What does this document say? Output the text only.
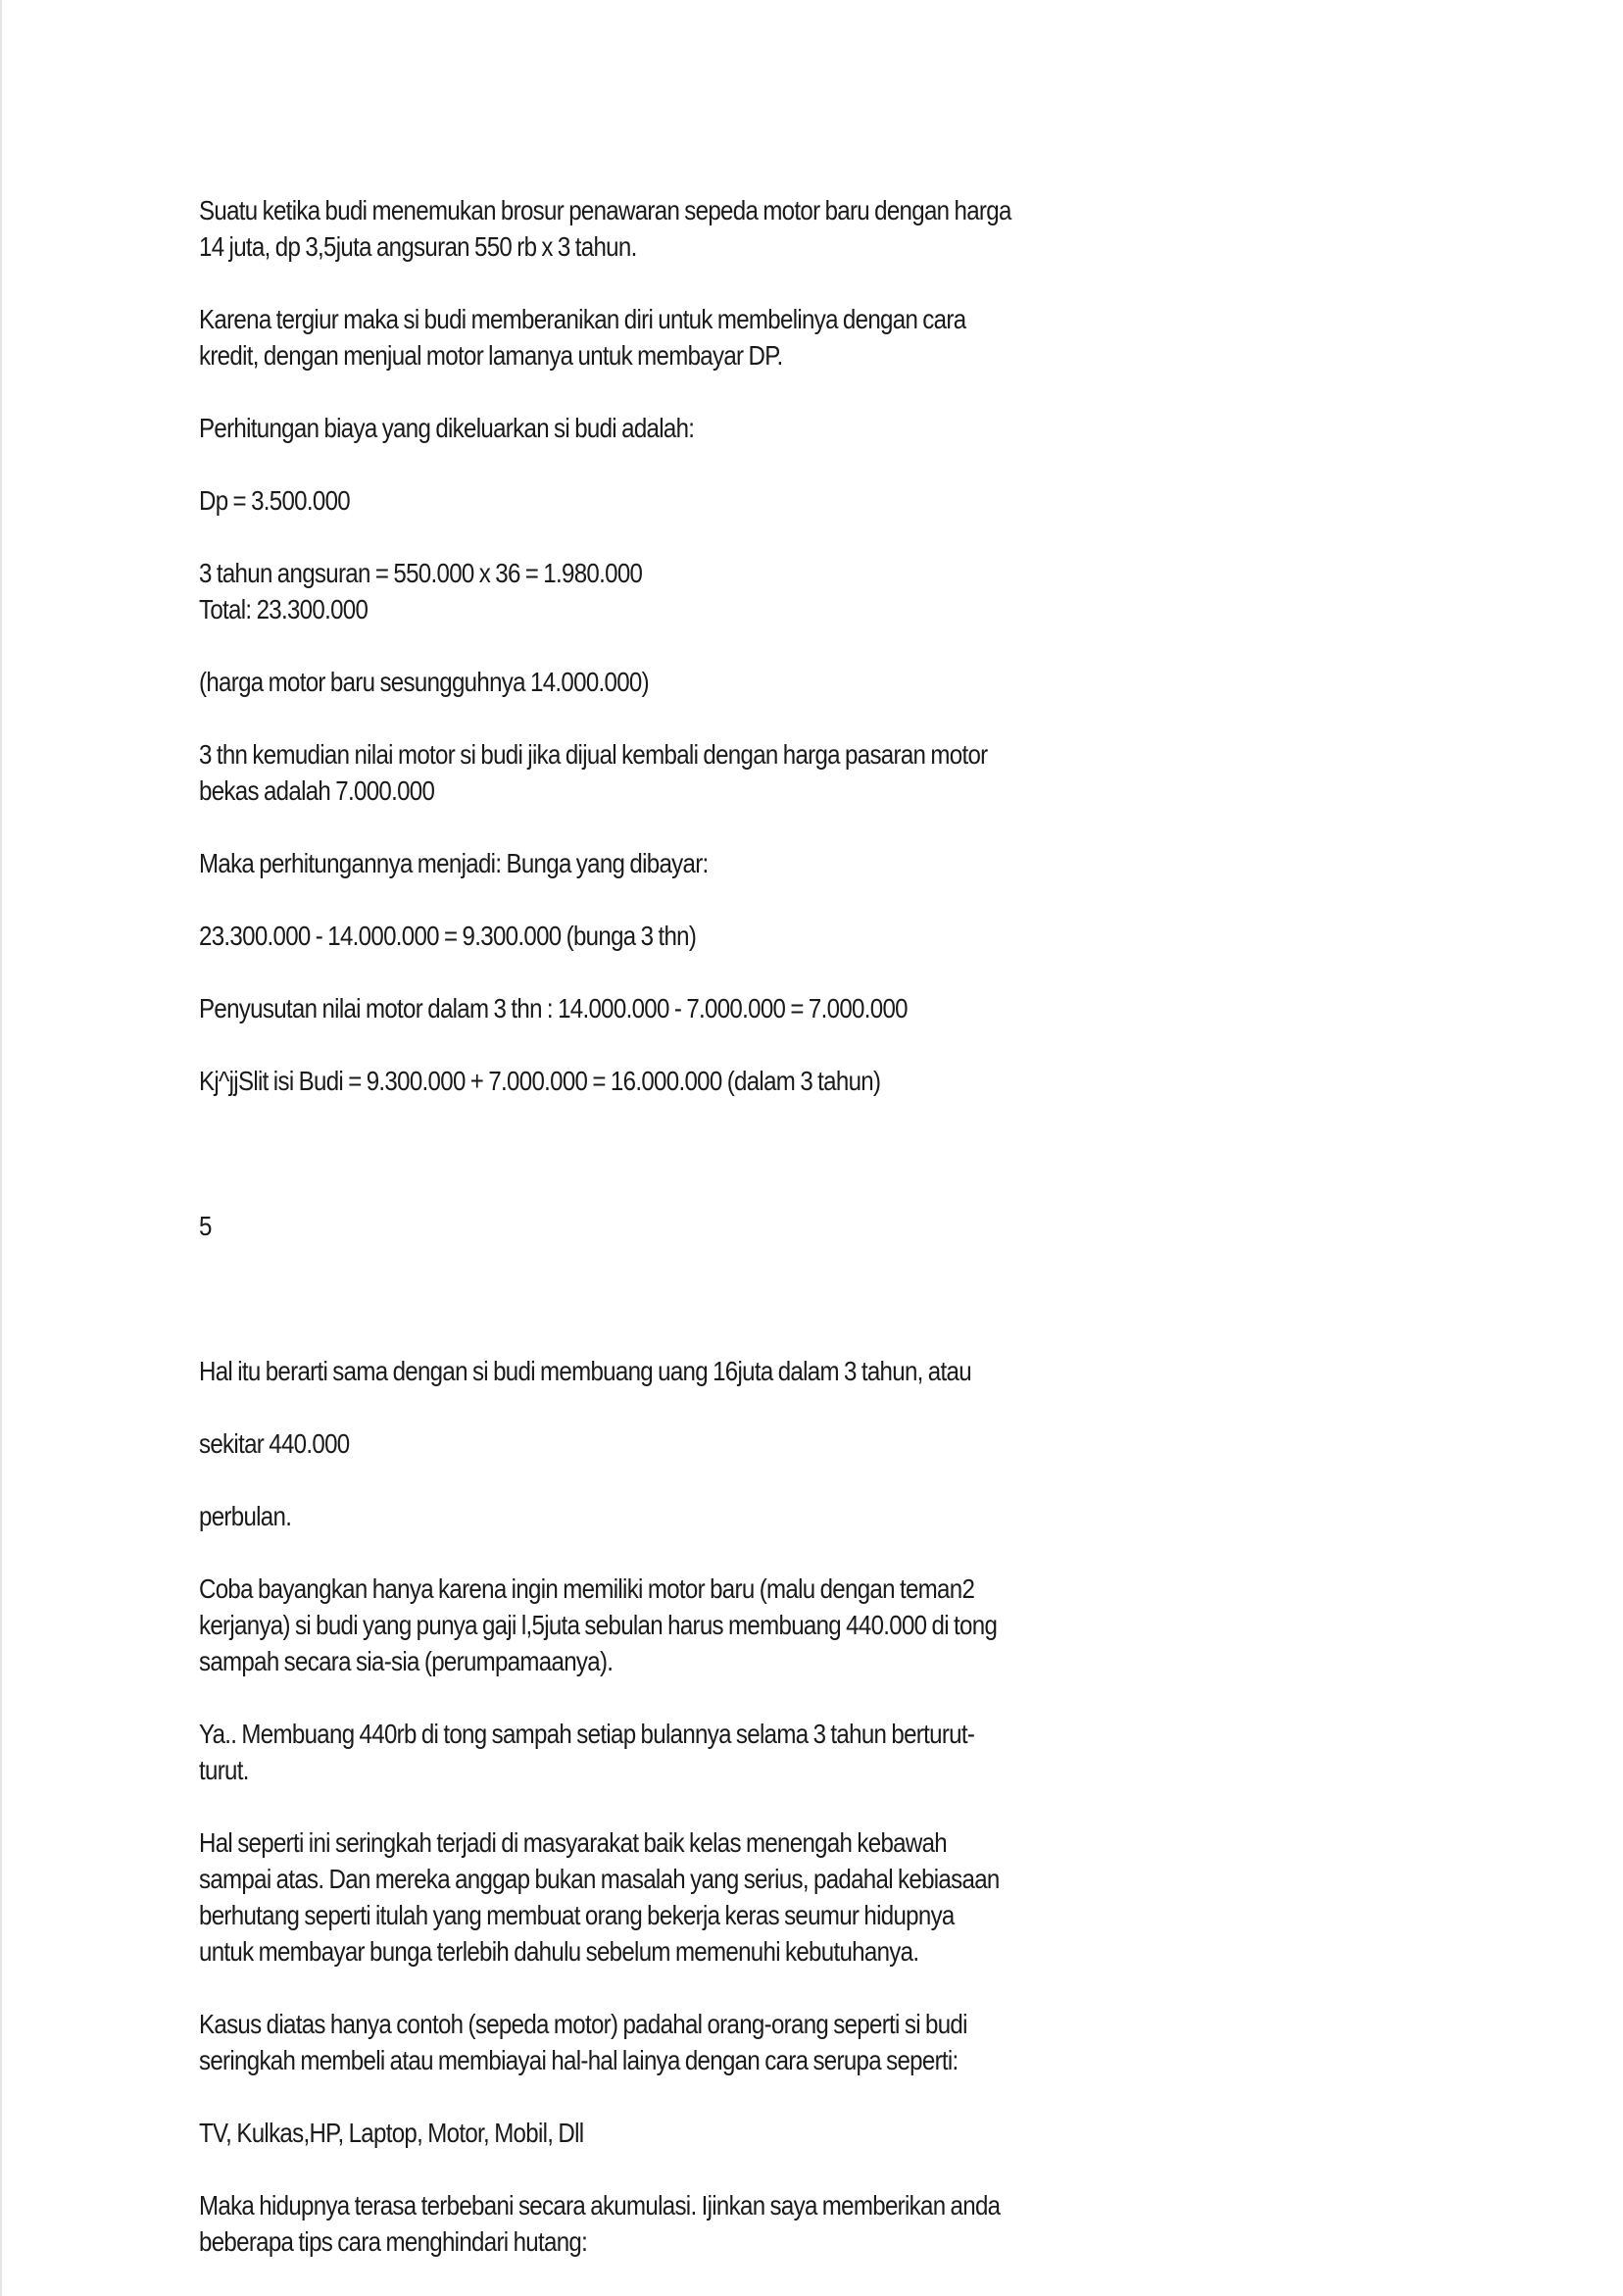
Suatu ketika budi menemukan brosur penawaran sepeda motor baru dengan harga
14 juta, dp 3,5juta angsuran 550 rb x 3 tahun.

Karena tergiur maka si budi memberanikan diri untuk membelinya dengan cara
kredit, dengan menjual motor lamanya untuk membayar DP.

Perhitungan biaya yang dikeluarkan si budi adalah:

Dp = 3.500.000

3 tahun angsuran = 550.000 x 36 = 1.980.000
Total: 23.300.000

(harga motor baru sesungguhnya 14.000.000)

3 thn kemudian nilai motor si budi jika dijual kembali dengan harga pasaran motor
bekas adalah 7.000.000

Maka perhitungannya menjadi: Bunga yang dibayar:

23.300.000 - 14.000.000 = 9.300.000 (bunga 3 thn)

Penyusutan nilai motor dalam 3 thn : 14.000.000 - 7.000.000 = 7.000.000

Kj^jjSlit isi Budi = 9.300.000 + 7.000.000 = 16.000.000 (dalam 3 tahun)

5

Hal itu berarti sama dengan si budi membuang uang 16juta dalam 3 tahun, atau

sekitar 440.000

perbulan.

Coba bayangkan hanya karena ingin memiliki motor baru (malu dengan teman2
kerjanya) si budi yang punya gaji l,5juta sebulan harus membuang 440.000 di tong
sampah secara sia-sia (perumpamaanya).

Ya.. Membuang 440rb di tong sampah setiap bulannya selama 3 tahun berturut-
turut.

Hal seperti ini seringkah terjadi di masyarakat baik kelas menengah kebawah
sampai atas. Dan mereka anggap bukan masalah yang serius, padahal kebiasaan
berhutang seperti itulah yang membuat orang bekerja keras seumur hidupnya
untuk membayar bunga terlebih dahulu sebelum memenuhi kebutuhanya.

Kasus diatas hanya contoh (sepeda motor) padahal orang-orang seperti si budi
seringkah membeli atau membiayai hal-hal lainya dengan cara serupa seperti:

TV, Kulkas,HP, Laptop, Motor, Mobil, Dll

Maka hidupnya terasa terbebani secara akumulasi. Ijinkan saya memberikan anda
beberapa tips cara menghindari hutang:
